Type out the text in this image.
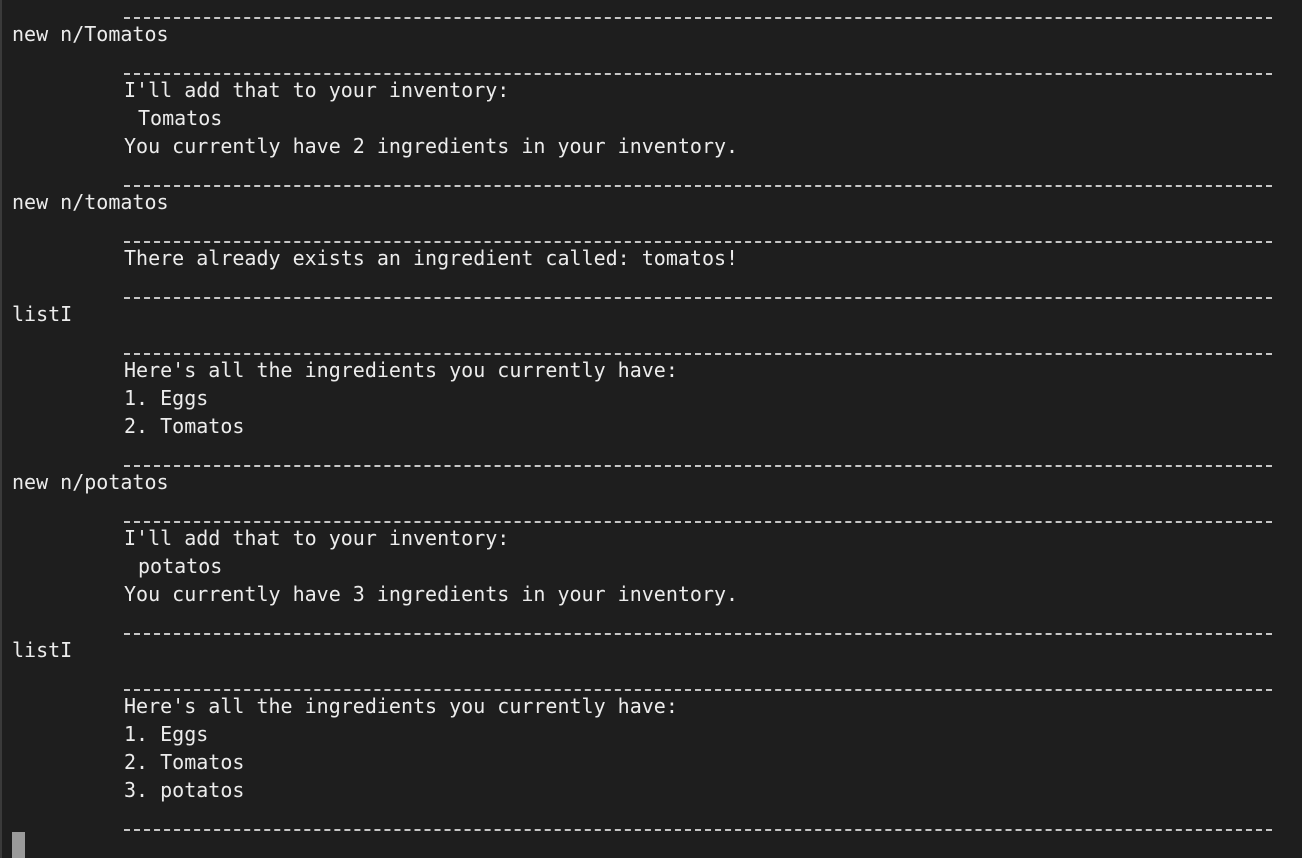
new n/Tomatos
I'll add that to your inventory:
Tomatos
You currently have 2 ingredients in your inventory.
new n/tomatos
There already exists an ingredient called: tomatos!
listI
Here's all the ingredients you currently have:
1. Eggs
2. Tomatos
new n/potatos
I'll add that to your inventory:
potatos
You currently have 3 ingredients in your inventory.
listI
Here's all the ingredients you currently have:
1. Eggs
2. Tomatos
3. potatos
